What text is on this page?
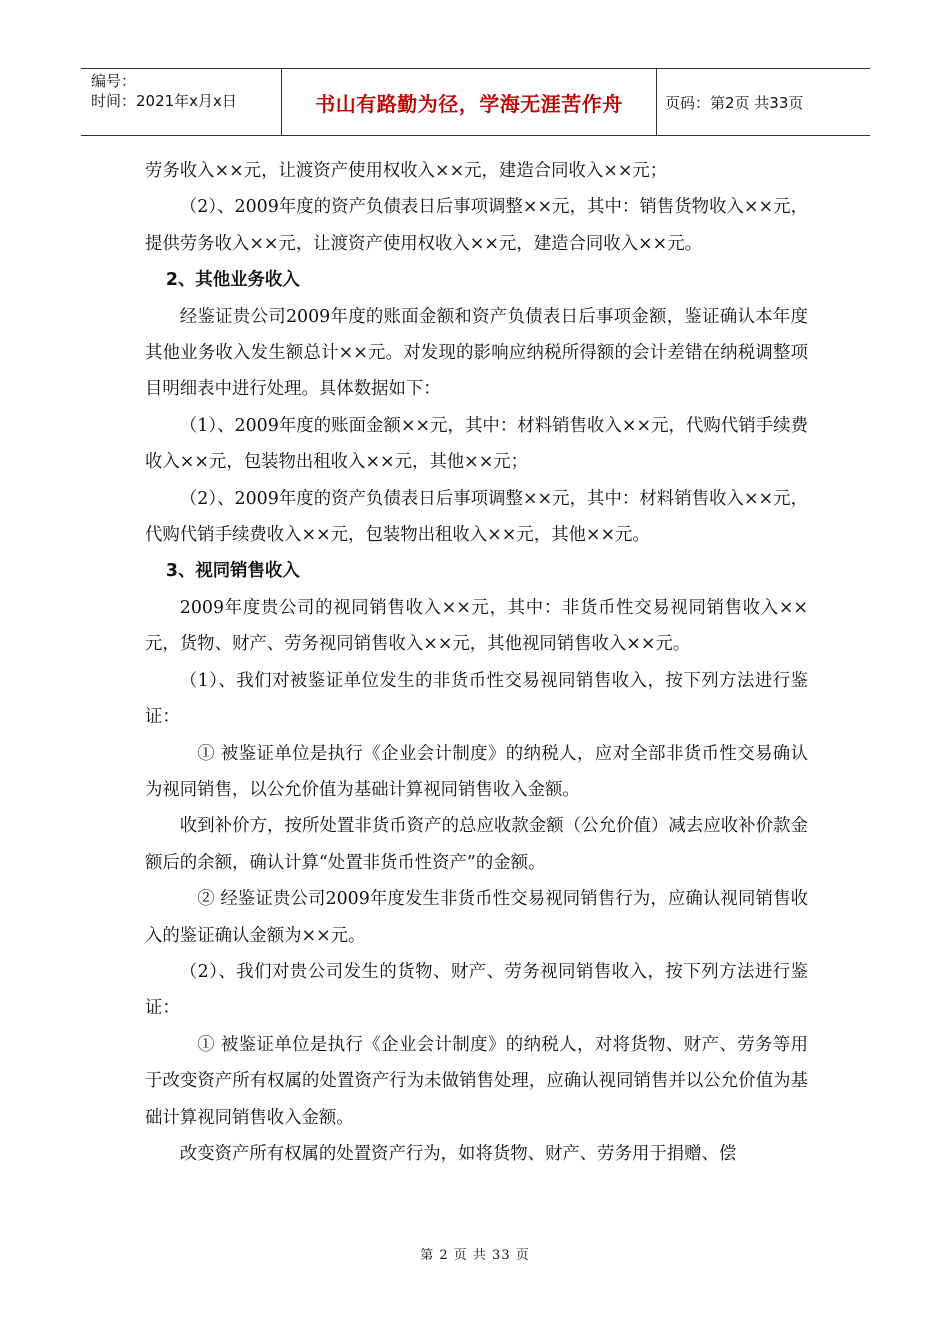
编号：
时间：2021年x月x日	书山有路勤为径，学海无涯苦作舟	页码：第2页 共33页

劳务收入××元，让渡资产使用权收入××元，建造合同收入××元；

（2）、2009年度的资产负债表日后事项调整××元，其中：销售货物收入××元，提供劳务收入××元，让渡资产使用权收入××元，建造合同收入××元。

2、其他业务收入

经鉴证贵公司2009年度的账面金额和资产负债表日后事项金额，鉴证确认本年度其他业务收入发生额总计××元。对发现的影响应纳税所得额的会计差错在纳税调整项目明细表中进行处理。具体数据如下：

（1）、2009年度的账面金额××元，其中：材料销售收入××元，代购代销手续费收入××元，包装物出租收入××元，其他××元；

（2）、2009年度的资产负债表日后事项调整××元，其中：材料销售收入××元，代购代销手续费收入××元，包装物出租收入××元，其他××元。

3、视同销售收入

2009年度贵公司的视同销售收入××元，其中：非货币性交易视同销售收入××元，货物、财产、劳务视同销售收入××元，其他视同销售收入××元。

（1）、我们对被鉴证单位发生的非货币性交易视同销售收入，按下列方法进行鉴证：

① 被鉴证单位是执行《企业会计制度》的纳税人，应对全部非货币性交易确认为视同销售，以公允价值为基础计算视同销售收入金额。

收到补价方，按所处置非货币资产的总应收款金额（公允价值）减去应收补价款金额后的余额，确认计算“处置非货币性资产”的金额。

② 经鉴证贵公司2009年度发生非货币性交易视同销售行为，应确认视同销售收入的鉴证确认金额为××元。

（2）、我们对贵公司发生的货物、财产、劳务视同销售收入，按下列方法进行鉴证：

① 被鉴证单位是执行《企业会计制度》的纳税人，对将货物、财产、劳务等用于改变资产所有权属的处置资产行为未做销售处理，应确认视同销售并以公允价值为基础计算视同销售收入金额。

改变资产所有权属的处置资产行为，如将货物、财产、劳务用于捐赠、偿

第 2 页 共 33 页
